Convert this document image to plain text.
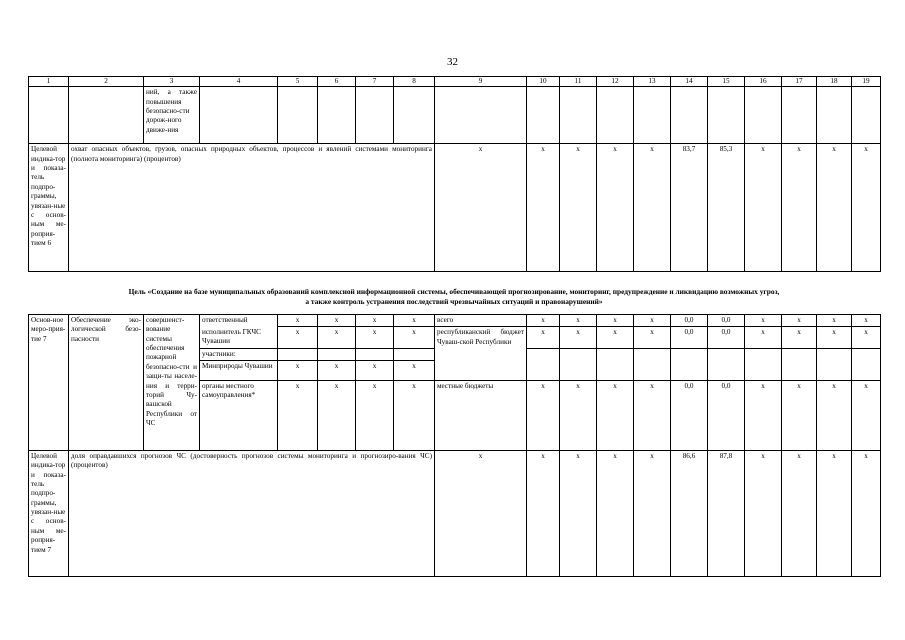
32
1	2	3	4	5	6	7	8	9	10	11	12	13	14	15	16	17	18	19
		ний, а также повышения безопасно-сти дорож-ного движе-ния																
Целевой индика-тор и показа-тель подпро-граммы, увязан-ные с основ-ным ме-роприя-тием 6	охват опасных объектов, грузов, опасных природных объектов, процессов и явлений системами мониторинга (полнота мониторинга) (процентов)							x	x	x	x	x	83,7	85,3	x	x	x	x
Цель «Создание на базе муниципальных образований комплексной информационной системы, обеспечивающей прогнозирование, мониторинг, предупреждение и ликвидацию возможных угроз,
а также контроль устранения последствий чрезвычайных ситуаций и правонарушений»
Основ-ное меро-прия-тие 7	Обеспечение эко-логической безо-пасности	совершенст-вование системы обеспечения пожарной безопасно-сти и защи-ты населе-ния и терри-торий Чу-вашской Республики от ЧС	ответственный	x	x	x	x	всего	x	x	x	x	0,0	0,0	x	x	x	x
			исполнитель ГКЧС Чувашии	x	x	x	x	республиканский бюджет Чуваш-ской Республики	x	x	x	x	0,0	0,0	x	x	x	x
			участники:															
			Минприроды Чувашии	x	x	x	x											
			органы местного самоуправления*	x	x	x	x	местные бюджеты	x	x	x	x	0,0	0,0	x	x	x	x
Целевой индика-тор и показа-тель подпро-граммы, увязан-ные с основ-ным ме-роприя-тием 7	доля оправдавшихся прогнозов ЧС (достоверность прогнозов системы мониторинга и прогнозиро-вания ЧС) (процентов)							x	x	x	x	x	86,6	87,8	x	x	x	x
